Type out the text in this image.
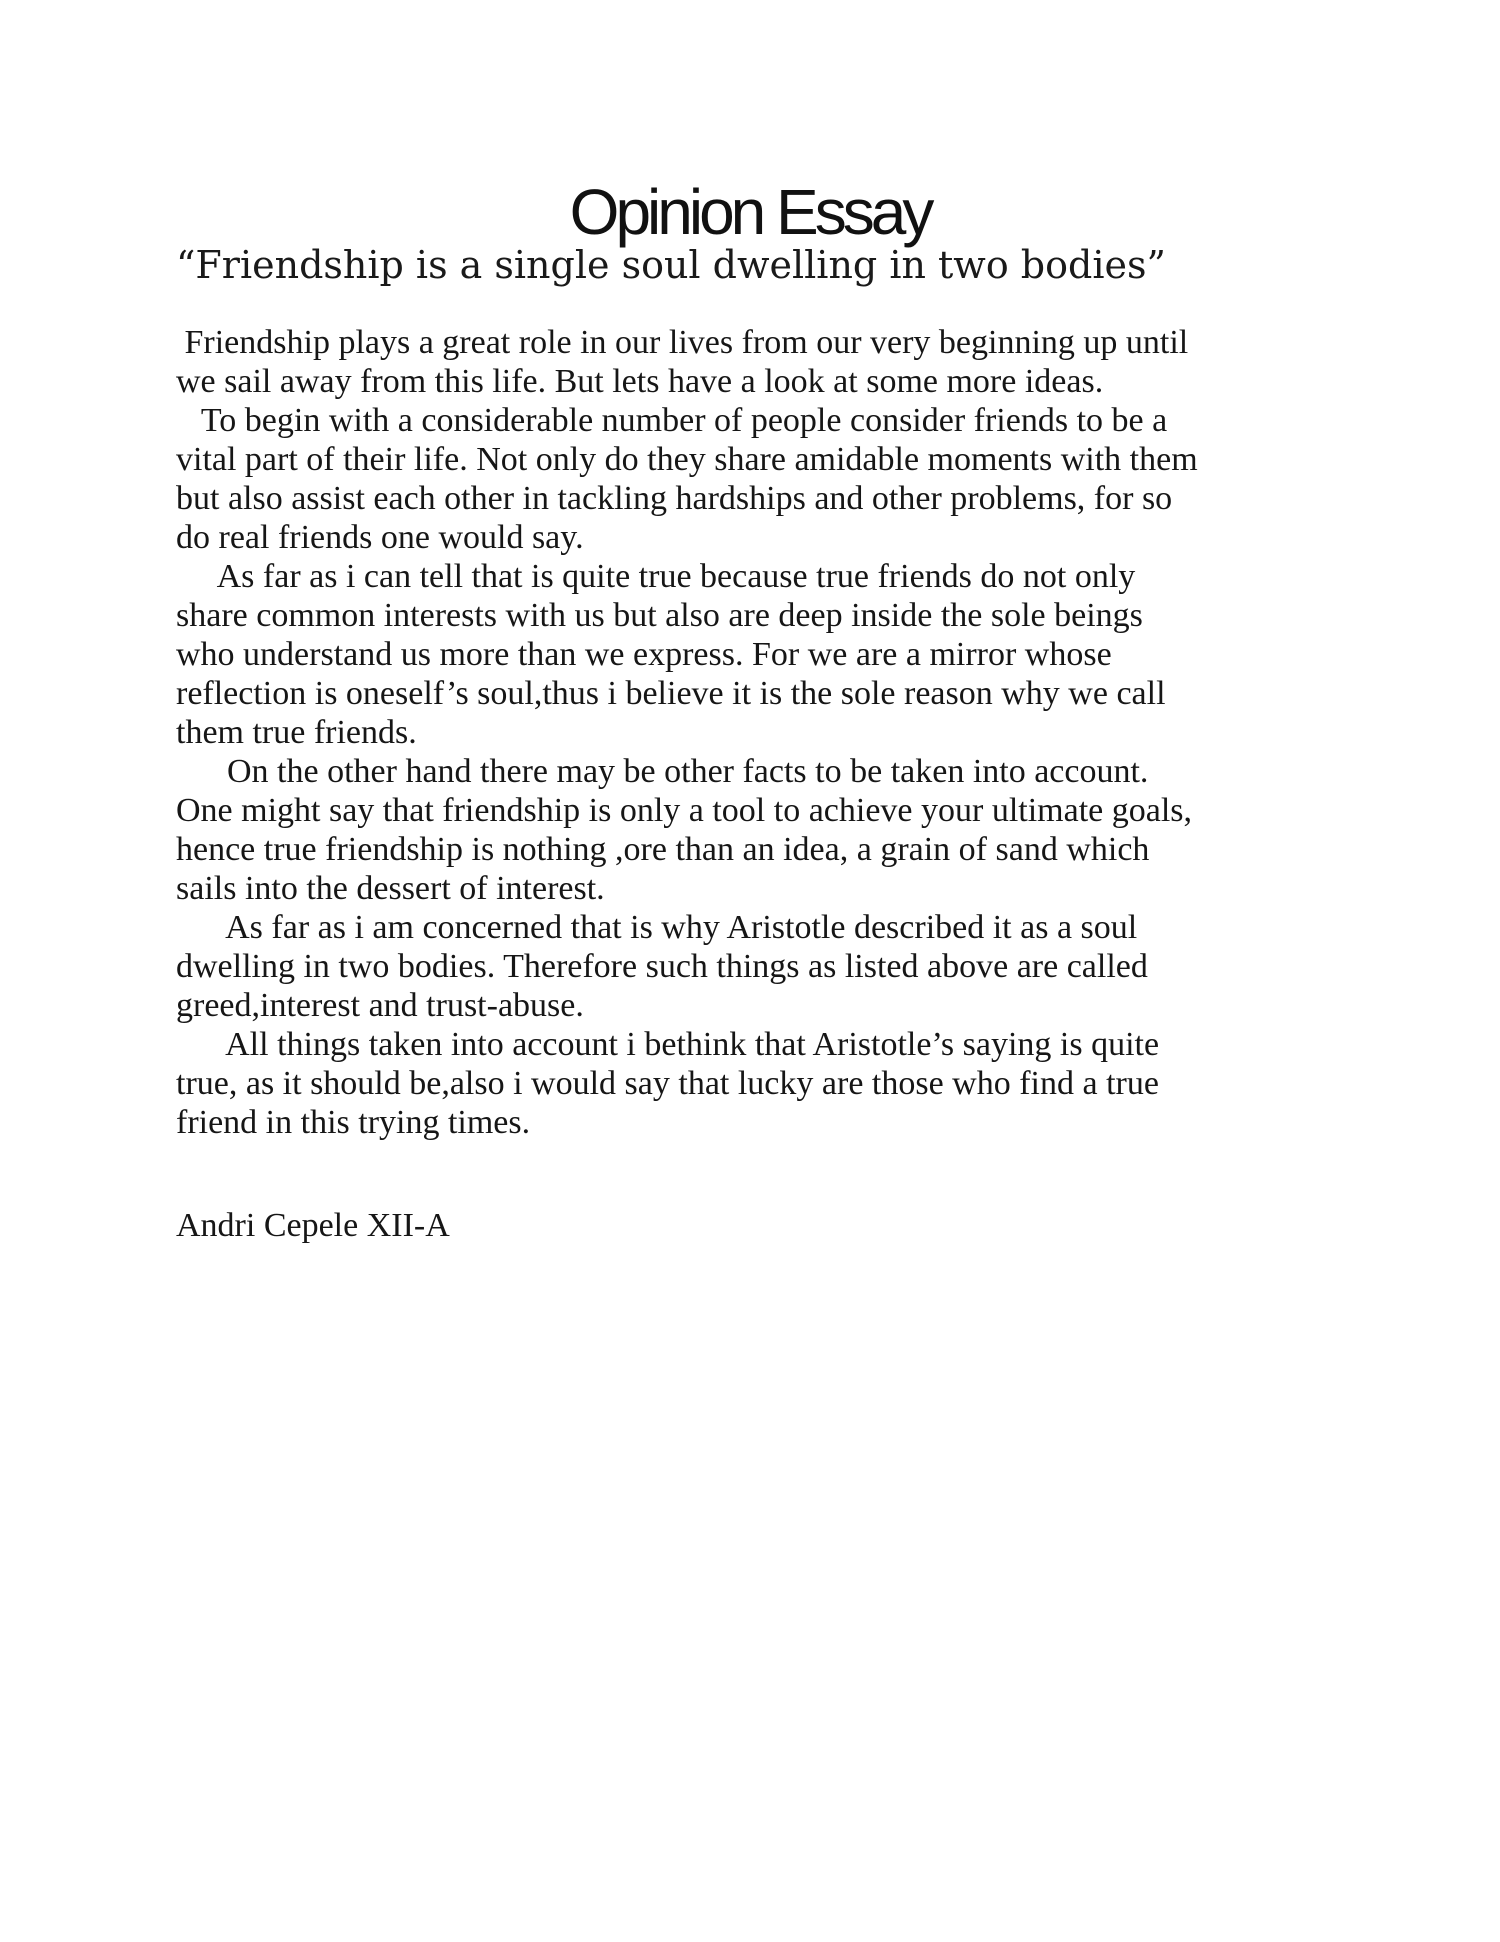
Opinion Essay
“Friendship is a single soul dwelling in two bodies”
Friendship plays a great role in our lives from our very beginning up until
we sail away from this life. But lets have a look at some more ideas.
To begin with a considerable number of people consider friends to be a
vital part of their life. Not only do they share amidable moments with them
but also assist each other in tackling hardships and other problems, for so
do real friends one would say.
As far as i can tell that is quite true because true friends do not only
share common interests with us but also are deep inside the sole beings
who understand us more than we express. For we are a mirror whose
reflection is oneself’s soul,thus i believe it is the sole reason why we call
them true friends.
On the other hand there may be other facts to be taken into account.
One might say that friendship is only a tool to achieve your ultimate goals,
hence true friendship is nothing ,ore than an idea, a grain of sand which
sails into the dessert of interest.
As far as i am concerned that is why Aristotle described it as a soul
dwelling in two bodies. Therefore such things as listed above are called
greed,interest and trust-abuse.
All things taken into account i bethink that Aristotle’s saying is quite
true, as it should be,also i would say that lucky are those who find a true
friend in this trying times.
Andri Cepele XII-A
